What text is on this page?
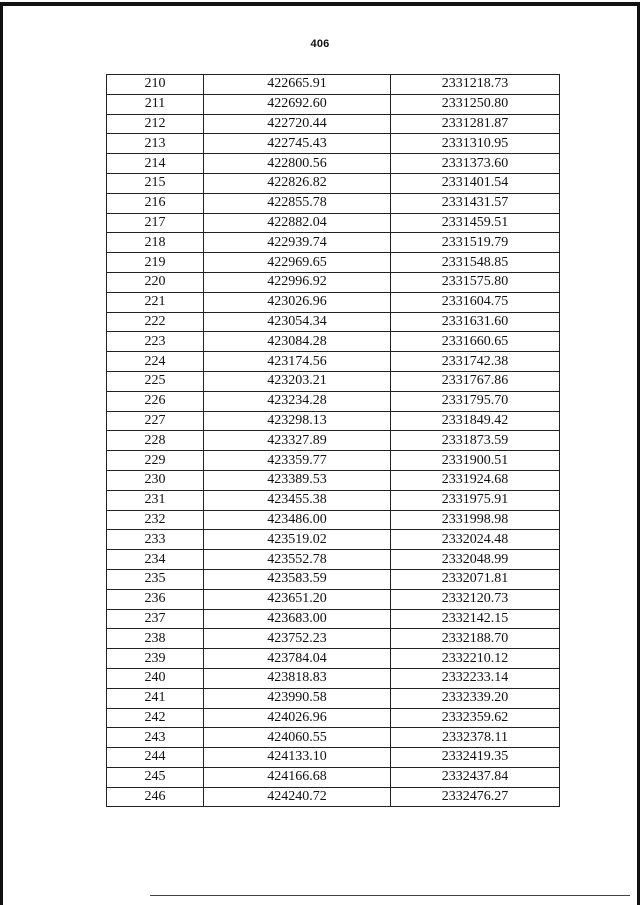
406
210	422665.91	2331218.73
211	422692.60	2331250.80
212	422720.44	2331281.87
213	422745.43	2331310.95
214	422800.56	2331373.60
215	422826.82	2331401.54
216	422855.78	2331431.57
217	422882.04	2331459.51
218	422939.74	2331519.79
219	422969.65	2331548.85
220	422996.92	2331575.80
221	423026.96	2331604.75
222	423054.34	2331631.60
223	423084.28	2331660.65
224	423174.56	2331742.38
225	423203.21	2331767.86
226	423234.28	2331795.70
227	423298.13	2331849.42
228	423327.89	2331873.59
229	423359.77	2331900.51
230	423389.53	2331924.68
231	423455.38	2331975.91
232	423486.00	2331998.98
233	423519.02	2332024.48
234	423552.78	2332048.99
235	423583.59	2332071.81
236	423651.20	2332120.73
237	423683.00	2332142.15
238	423752.23	2332188.70
239	423784.04	2332210.12
240	423818.83	2332233.14
241	423990.58	2332339.20
242	424026.96	2332359.62
243	424060.55	2332378.11
244	424133.10	2332419.35
245	424166.68	2332437.84
246	424240.72	2332476.27
